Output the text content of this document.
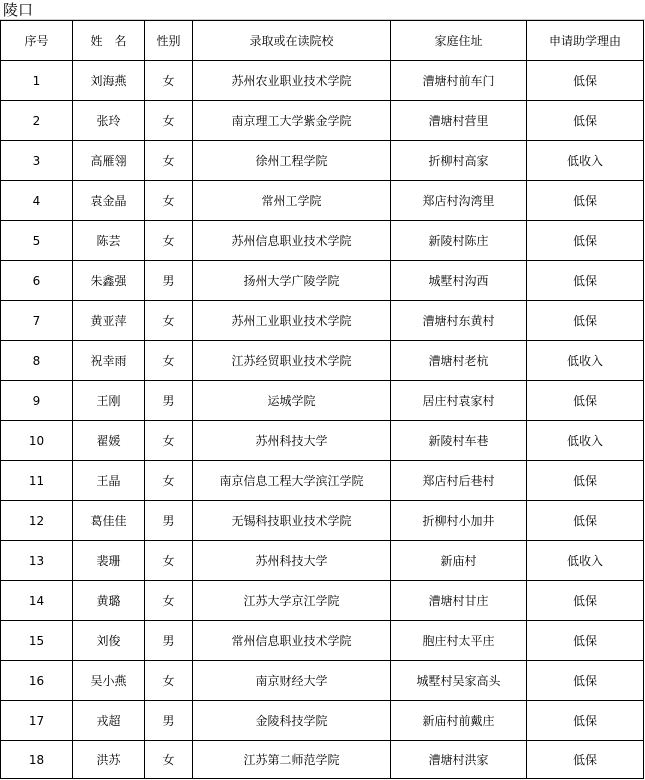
陵口
序号	姓　名	性别	录取或在读院校	家庭住址	申请助学理由
1	刘海燕	女	苏州农业职业技术学院	漕塘村前车门	低保
2	张玲	女	南京理工大学紫金学院	漕塘村营里	低保
3	高雁翎	女	徐州工程学院	折柳村高家	低收入
4	袁金晶	女	常州工学院	郑店村沟湾里	低保
5	陈芸	女	苏州信息职业技术学院	新陵村陈庄	低保
6	朱鑫强	男	扬州大学广陵学院	城墅村沟西	低保
7	黄亚萍	女	苏州工业职业技术学院	漕塘村东黄村	低保
8	祝幸雨	女	江苏经贸职业技术学院	漕塘村老杭	低收入
9	王刚	男	运城学院	居庄村袁家村	低保
10	翟媛	女	苏州科技大学	新陵村车巷	低收入
11	王晶	女	南京信息工程大学滨江学院	郑店村后巷村	低保
12	葛佳佳	男	无锡科技职业技术学院	折柳村小加井	低保
13	裴珊	女	苏州科技大学	新庙村	低收入
14	黄璐	女	江苏大学京江学院	漕塘村甘庄	低保
15	刘俊	男	常州信息职业技术学院	胞庄村太平庄	低保
16	吴小燕	女	南京财经大学	城墅村吴家高头	低保
17	戎超	男	金陵科技学院	新庙村前戴庄	低保
18	洪苏	女	江苏第二师范学院	漕塘村洪家	低保
